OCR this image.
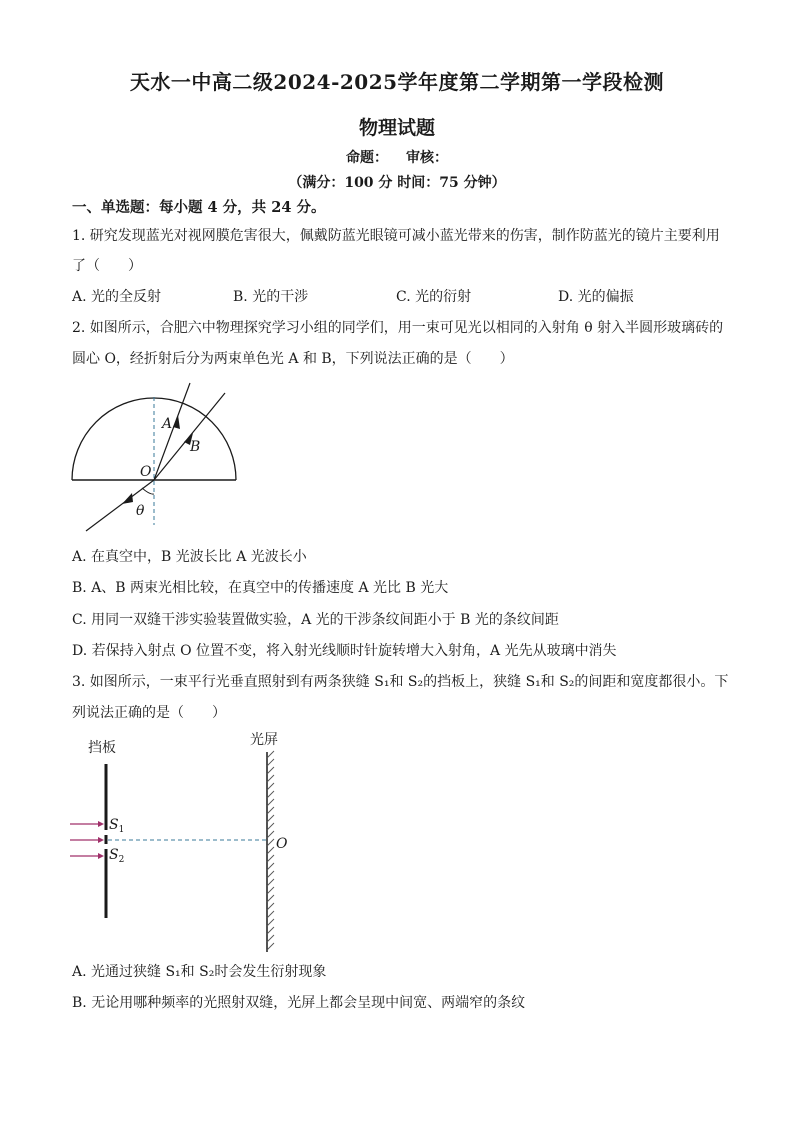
天水一中高二级2024-2025学年度第二学期第一学段检测
物理试题
命题： 审核：
（满分：100 分 时间：75 分钟）
一、单选题：每小题 4 分，共 24 分。
1. 研究发现蓝光对视网膜危害很大，佩戴防蓝光眼镜可减小蓝光带来的伤害，制作防蓝光的镜片主要利用
了（　　）
A. 光的全反射	B. 光的干涉	C. 光的衍射	D. 光的偏振
2. 如图所示，合肥六中物理探究学习小组的同学们，用一束可见光以相同的入射角 θ 射入半圆形玻璃砖的
圆心 O，经折射后分为两束单色光 A 和 B，下列说法正确的是（　　）
A
B
O
θ
A. 在真空中，B 光波长比 A 光波长小
B. A、B 两束光相比较，在真空中的传播速度 A 光比 B 光大
C. 用同一双缝干涉实验装置做实验，A 光的干涉条纹间距小于 B 光的条纹间距
D. 若保持入射点 O 位置不变，将入射光线顺时针旋转增大入射角，A 光先从玻璃中消失
3. 如图所示，一束平行光垂直照射到有两条狭缝 S₁和 S₂的挡板上，狭缝 S₁和 S₂的间距和宽度都很小。下
列说法正确的是（　　）
挡板	光屏
$S_1$
$S_2$
O
A. 光通过狭缝 S₁和 S₂时会发生衍射现象
B. 无论用哪种频率的光照射双缝，光屏上都会呈现中间宽、两端窄的条纹
